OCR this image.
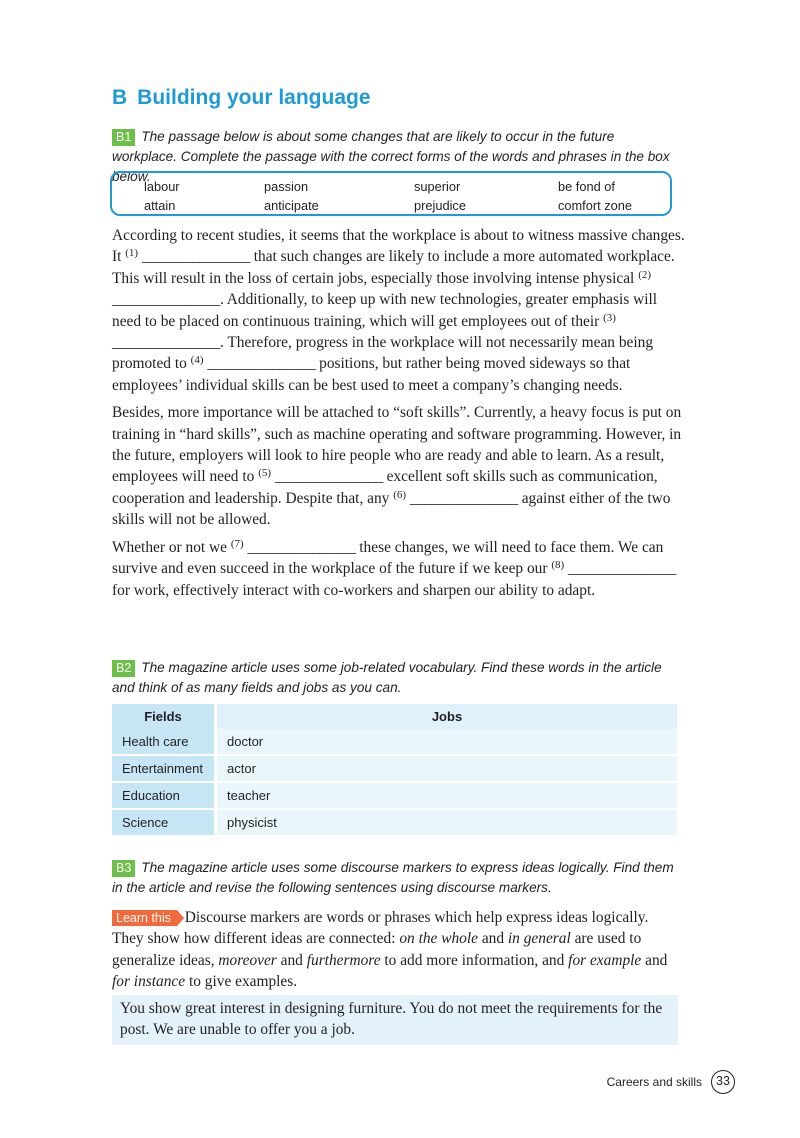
B Building your language
B1 The passage below is about some changes that are likely to occur in the future workplace. Complete the passage with the correct forms of the words and phrases in the box below.
labour	passion	superior	be fond of
attain	anticipate	prejudice	comfort zone

According to recent studies, it seems that the workplace is about to witness massive changes. It $^{(1)}$ _______________ that such changes are likely to include a more automated workplace. This will result in the loss of certain jobs, especially those involving intense physical $^{(2)}$ _______________. Additionally, to keep up with new technologies, greater emphasis will need to be placed on continuous training, which will get employees out of their $^{(3)}$ _______________. Therefore, progress in the workplace will not necessarily mean being promoted to $^{(4)}$ _______________ positions, but rather being moved sideways so that employees’ individual skills can be best used to meet a company’s changing needs.

Besides, more importance will be attached to “soft skills”. Currently, a heavy focus is put on training in “hard skills”, such as machine operating and software programming. However, in the future, employers will look to hire people who are ready and able to learn. As a result, employees will need to $^{(5)}$ _______________ excellent soft skills such as communication, cooperation and leadership. Despite that, any $^{(6)}$ _______________ against either of the two skills will not be allowed.

Whether or not we $^{(7)}$ _______________ these changes, we will need to face them. We can survive and even succeed in the workplace of the future if we keep our $^{(8)}$ _______________ for work, effectively interact with co-workers and sharpen our ability to adapt.

B2 The magazine article uses some job-related vocabulary. Find these words in the article and think of as many fields and jobs as you can.
Fields	Jobs
Health care	doctor
Entertainment	actor
Education	teacher
Science	physicist
B3 The magazine article uses some discourse markers to express ideas logically. Find them in the article and revise the following sentences using discourse markers.
Learn this Discourse markers are words or phrases which help express ideas logically. They show how different ideas are connected: on the whole and in general are used to generalize ideas, moreover and furthermore to add more information, and for example and for instance to give examples.
You show great interest in designing furniture. You do not meet the requirements for the post. We are unable to offer you a job.
Careers and skills	33
